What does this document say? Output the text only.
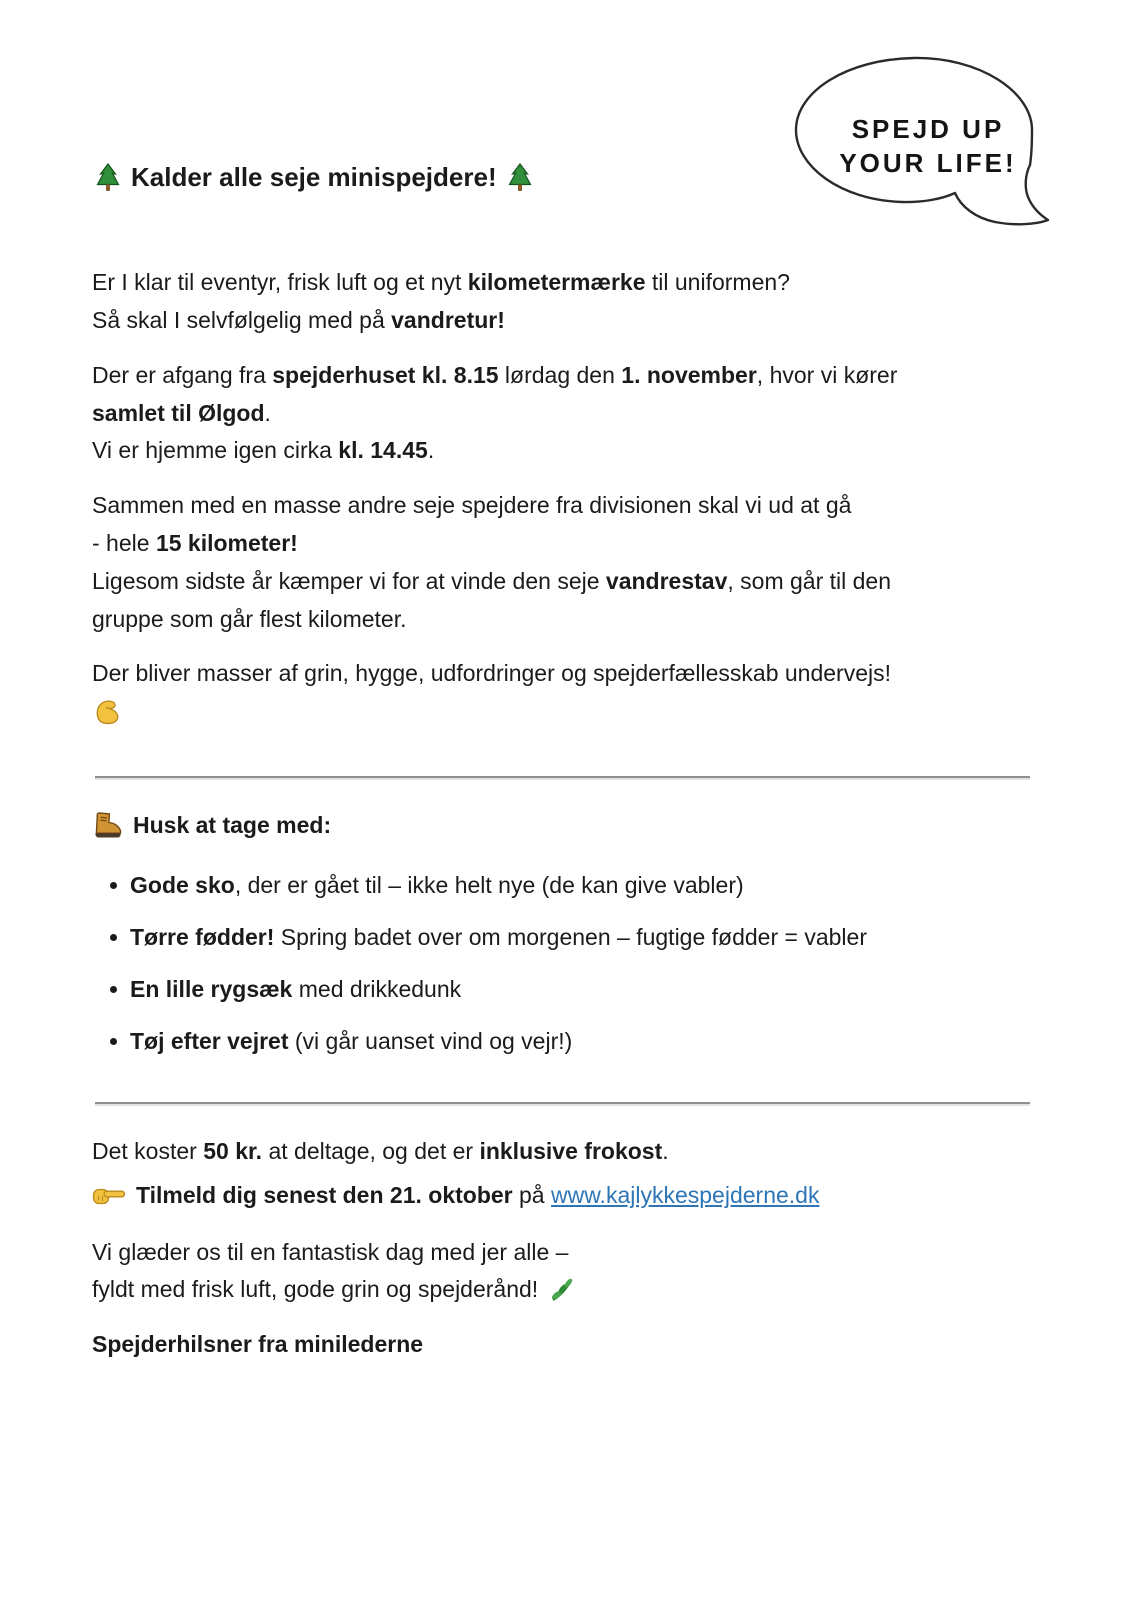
SPEJD UP
YOUR LIFE!
Kalder alle seje minispejdere!
Er I klar til eventyr, frisk luft og et nyt kilometermærke til uniformen?
Så skal I selvfølgelig med på vandretur!
Der er afgang fra spejderhuset kl. 8.15 lørdag den 1. november, hvor vi kører
samlet til Ølgod.
Vi er hjemme igen cirka kl. 14.45.
Sammen med en masse andre seje spejdere fra divisionen skal vi ud at gå
- hele 15 kilometer!
Ligesom sidste år kæmper vi for at vinde den seje vandrestav, som går til den
gruppe som går flest kilometer.
Der bliver masser af grin, hygge, udfordringer og spejderfællesskab undervejs!
Husk at tage med:
Gode sko, der er gået til – ikke helt nye (de kan give vabler)
Tørre fødder! Spring badet over om morgenen – fugtige fødder = vabler
En lille rygsæk med drikkedunk
Tøj efter vejret (vi går uanset vind og vejr!)
Det koster 50 kr. at deltage, og det er inklusive frokost.
Tilmeld dig senest den 21. oktober på www.kajlykkespejderne.dk
Vi glæder os til en fantastisk dag med jer alle –
fyldt med frisk luft, gode grin og spejderånd!
Spejderhilsner fra minilederne
